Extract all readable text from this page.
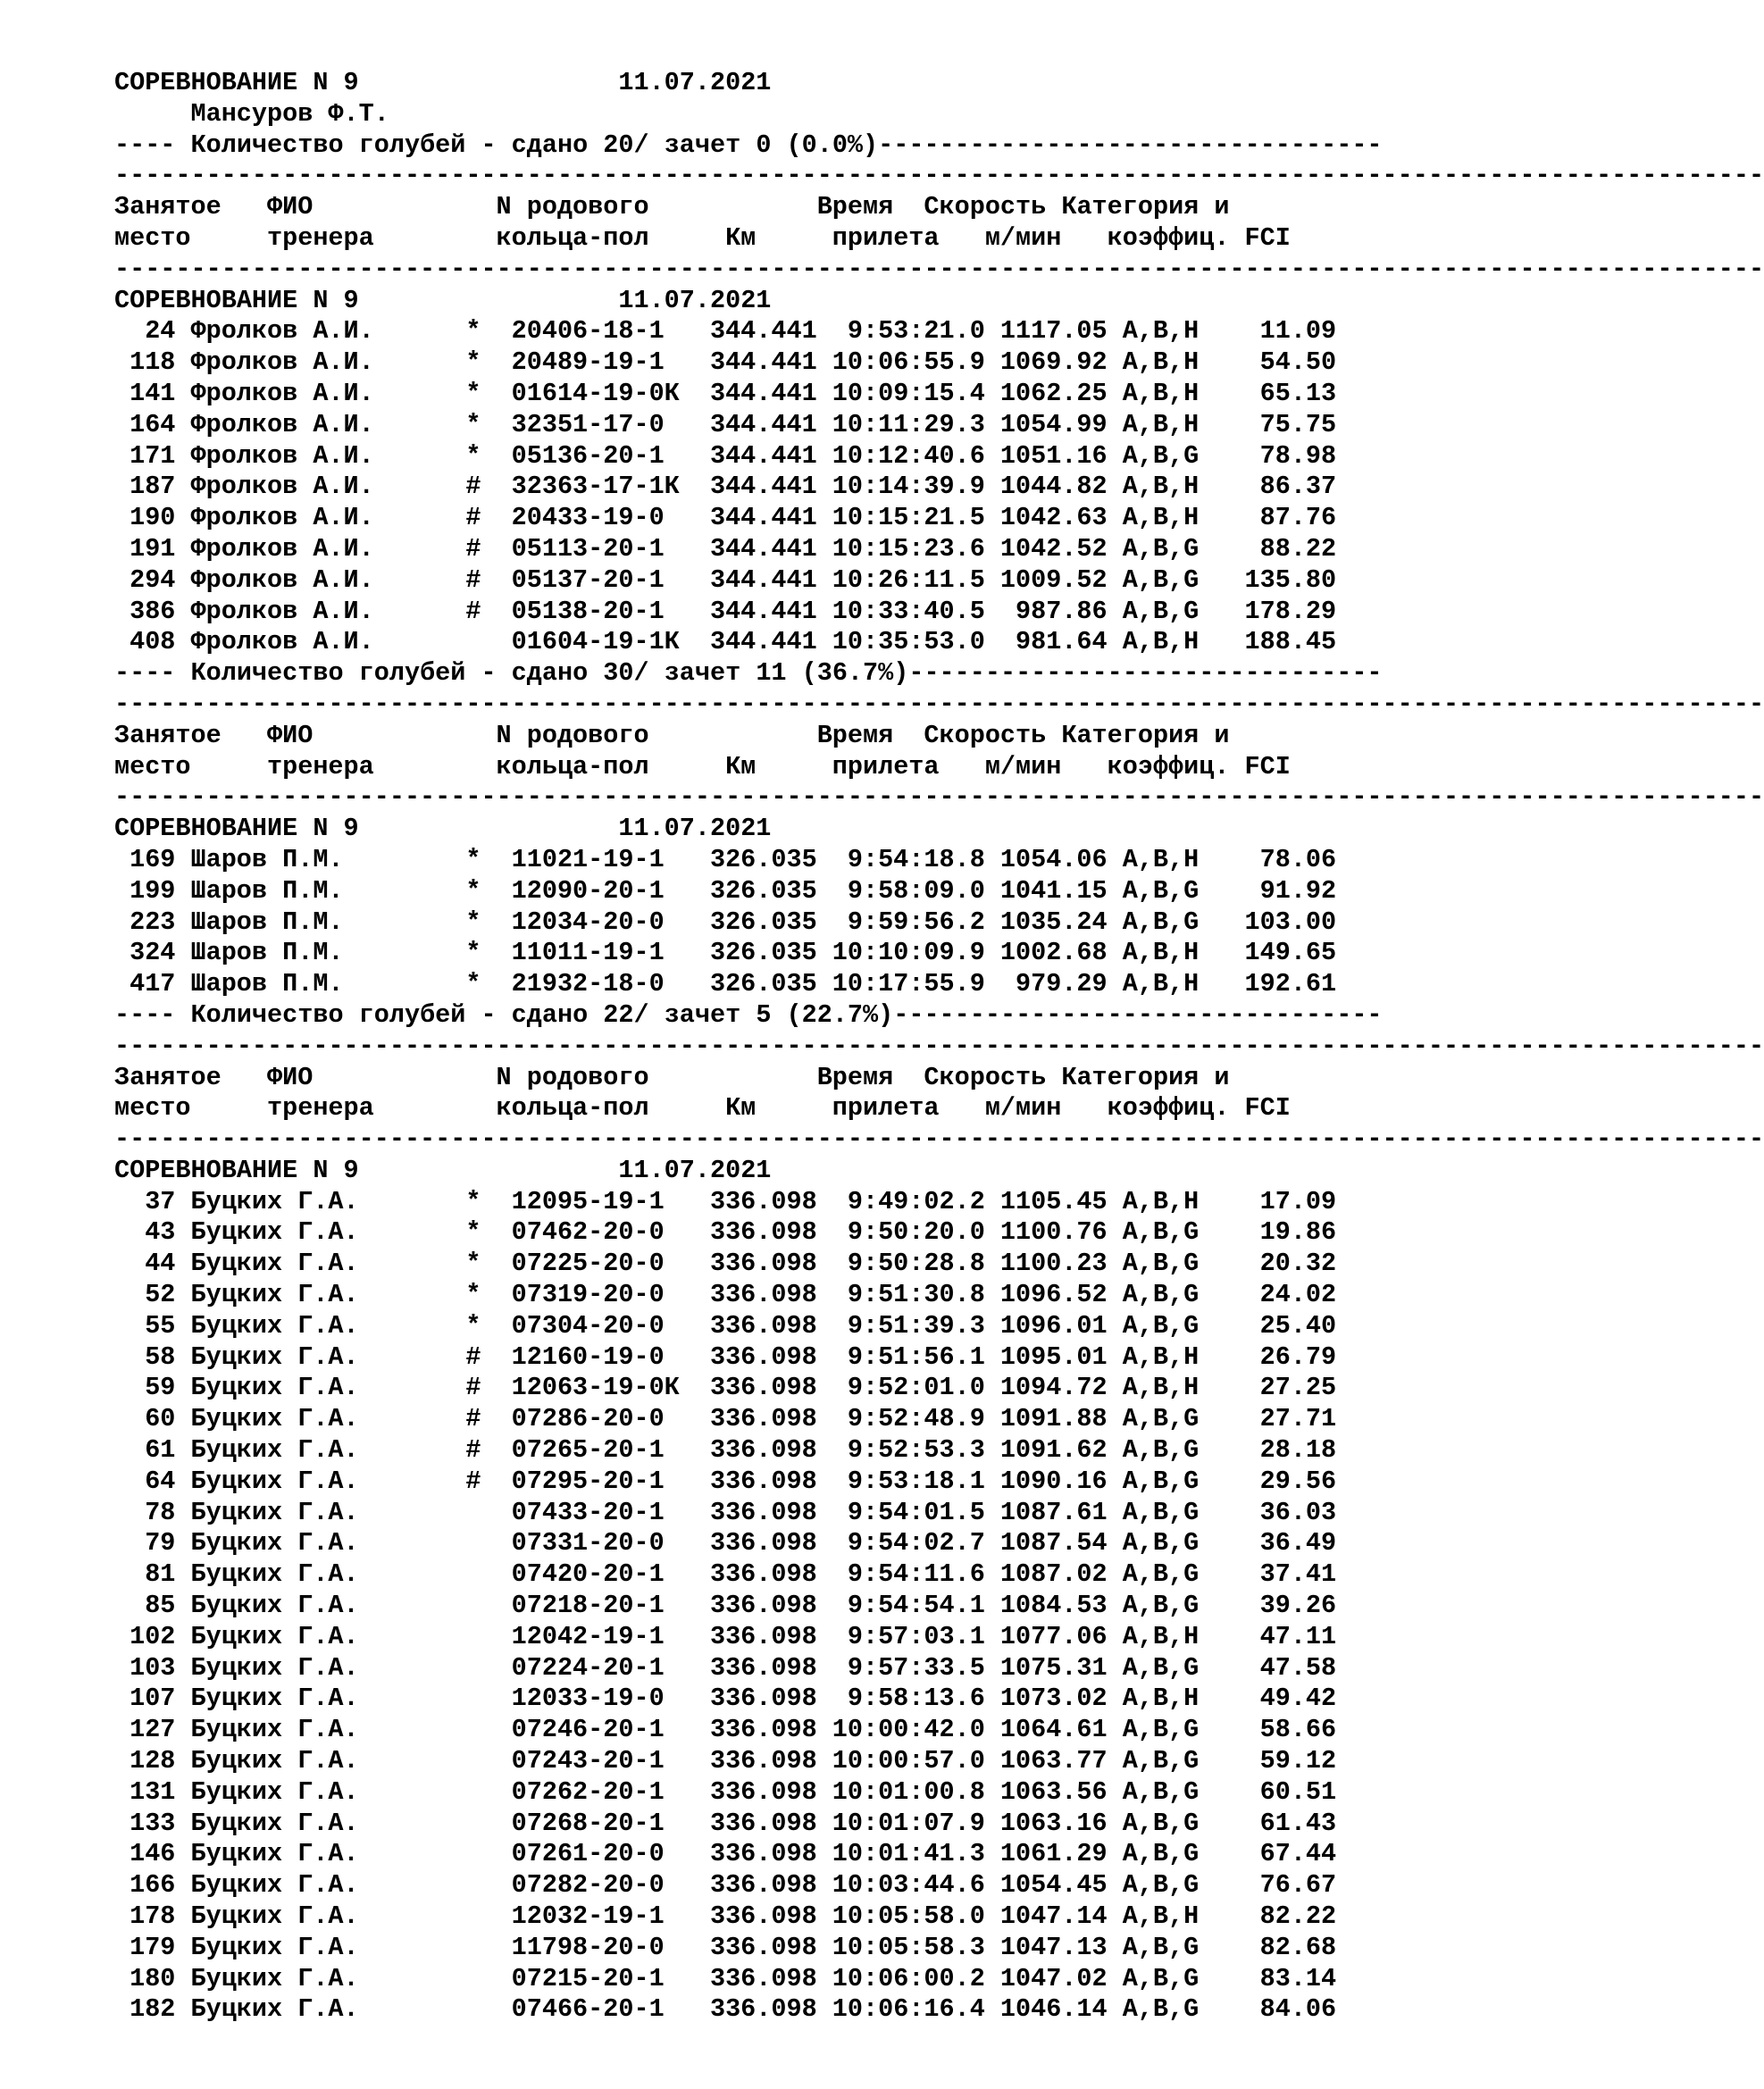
СОРЕВНОВАНИЕ N 9	11.07.2021
Мансуров Ф.Т.
---- Количество голубей - сдано 20/ зачет 0 (0.0%)---------------------------------
------------------------------------------------------------------------------------------------------------
Занятое ФИО	N родового	Время Скорость Категория и
место	тренера	кольца-пол	Км	прилета м/мин коэффиц. FCI
------------------------------------------------------------------------------------------------------------
СОРЕВНОВАНИЕ N 9	11.07.2021
24 Фролков А.И.	* 20406-18-1 344.441 9:53:21.0 1117.05 А,В,Н 11.09
118 Фролков А.И.	* 20489-19-1 344.441 10:06:55.9 1069.92 А,В,Н 54.50
141 Фролков А.И.	* 01614-19-0К 344.441 10:09:15.4 1062.25 А,В,Н 65.13
164 Фролков А.И.	* 32351-17-0 344.441 10:11:29.3 1054.99 А,В,Н 75.75
171 Фролков А.И.	* 05136-20-1 344.441 10:12:40.6 1051.16 А,В,G 78.98
187 Фролков А.И.	# 32363-17-1К 344.441 10:14:39.9 1044.82 А,В,Н 86.37
190 Фролков А.И.	# 20433-19-0 344.441 10:15:21.5 1042.63 А,В,Н 87.76
191 Фролков А.И.	# 05113-20-1 344.441 10:15:23.6 1042.52 А,В,G 88.22
294 Фролков А.И.	# 05137-20-1 344.441 10:26:11.5 1009.52 А,В,G 135.80
386 Фролков А.И.	# 05138-20-1 344.441 10:33:40.5 987.86 А,В,G 178.29
408 Фролков А.И.	01604-19-1К 344.441 10:35:53.0 981.64 А,В,Н 188.45
---- Количество голубей - сдано 30/ зачет 11 (36.7%)-------------------------------
------------------------------------------------------------------------------------------------------------
Занятое ФИО	N родового	Время Скорость Категория и
место	тренера	кольца-пол	Км	прилета м/мин коэффиц. FCI
------------------------------------------------------------------------------------------------------------
СОРЕВНОВАНИЕ N 9	11.07.2021
169 Шаров П.М.	* 11021-19-1 326.035 9:54:18.8 1054.06 А,В,Н 78.06
199 Шаров П.М.	* 12090-20-1 326.035 9:58:09.0 1041.15 А,В,G 91.92
223 Шаров П.М.	* 12034-20-0 326.035 9:59:56.2 1035.24 А,В,G 103.00
324 Шаров П.М.	* 11011-19-1 326.035 10:10:09.9 1002.68 А,В,Н 149.65
417 Шаров П.М.	* 21932-18-0 326.035 10:17:55.9 979.29 А,В,Н 192.61
---- Количество голубей - сдано 22/ зачет 5 (22.7%)--------------------------------
------------------------------------------------------------------------------------------------------------
Занятое ФИО	N родового	Время Скорость Категория и
место	тренера	кольца-пол	Км	прилета м/мин коэффиц. FCI
------------------------------------------------------------------------------------------------------------
СОРЕВНОВАНИЕ N 9	11.07.2021
37 Буцких Г.А.	* 12095-19-1 336.098 9:49:02.2 1105.45 А,В,Н 17.09
43 Буцких Г.А.	* 07462-20-0 336.098 9:50:20.0 1100.76 А,В,G 19.86
44 Буцких Г.А.	* 07225-20-0 336.098 9:50:28.8 1100.23 А,В,G 20.32
52 Буцких Г.А.	* 07319-20-0 336.098 9:51:30.8 1096.52 А,В,G 24.02
55 Буцких Г.А.	* 07304-20-0 336.098 9:51:39.3 1096.01 А,В,G 25.40
58 Буцких Г.А.	# 12160-19-0 336.098 9:51:56.1 1095.01 А,В,Н 26.79
59 Буцких Г.А.	# 12063-19-0К 336.098 9:52:01.0 1094.72 А,В,Н 27.25
60 Буцких Г.А.	# 07286-20-0 336.098 9:52:48.9 1091.88 А,В,G 27.71
61 Буцких Г.А.	# 07265-20-1 336.098 9:52:53.3 1091.62 А,В,G 28.18
64 Буцких Г.А.	# 07295-20-1 336.098 9:53:18.1 1090.16 А,В,G 29.56
78 Буцких Г.А.	07433-20-1 336.098 9:54:01.5 1087.61 А,В,G 36.03
79 Буцких Г.А.	07331-20-0 336.098 9:54:02.7 1087.54 А,В,G 36.49
81 Буцких Г.А.	07420-20-1 336.098 9:54:11.6 1087.02 А,В,G 37.41
85 Буцких Г.А.	07218-20-1 336.098 9:54:54.1 1084.53 А,В,G 39.26
102 Буцких Г.А.	12042-19-1 336.098 9:57:03.1 1077.06 А,В,Н 47.11
103 Буцких Г.А.	07224-20-1 336.098 9:57:33.5 1075.31 А,В,G 47.58
107 Буцких Г.А.	12033-19-0 336.098 9:58:13.6 1073.02 А,В,Н 49.42
127 Буцких Г.А.	07246-20-1 336.098 10:00:42.0 1064.61 А,В,G 58.66
128 Буцких Г.А.	07243-20-1 336.098 10:00:57.0 1063.77 А,В,G 59.12
131 Буцких Г.А.	07262-20-1 336.098 10:01:00.8 1063.56 А,В,G 60.51
133 Буцких Г.А.	07268-20-1 336.098 10:01:07.9 1063.16 А,В,G 61.43
146 Буцких Г.А.	07261-20-0 336.098 10:01:41.3 1061.29 А,В,G 67.44
166 Буцких Г.А.	07282-20-0 336.098 10:03:44.6 1054.45 А,В,G 76.67
178 Буцких Г.А.	12032-19-1 336.098 10:05:58.0 1047.14 А,В,Н 82.22
179 Буцких Г.А.	11798-20-0 336.098 10:05:58.3 1047.13 А,В,G 82.68
180 Буцких Г.А.	07215-20-1 336.098 10:06:00.2 1047.02 А,В,G 83.14
182 Буцких Г.А.	07466-20-1 336.098 10:06:16.4 1046.14 А,В,G 84.06
